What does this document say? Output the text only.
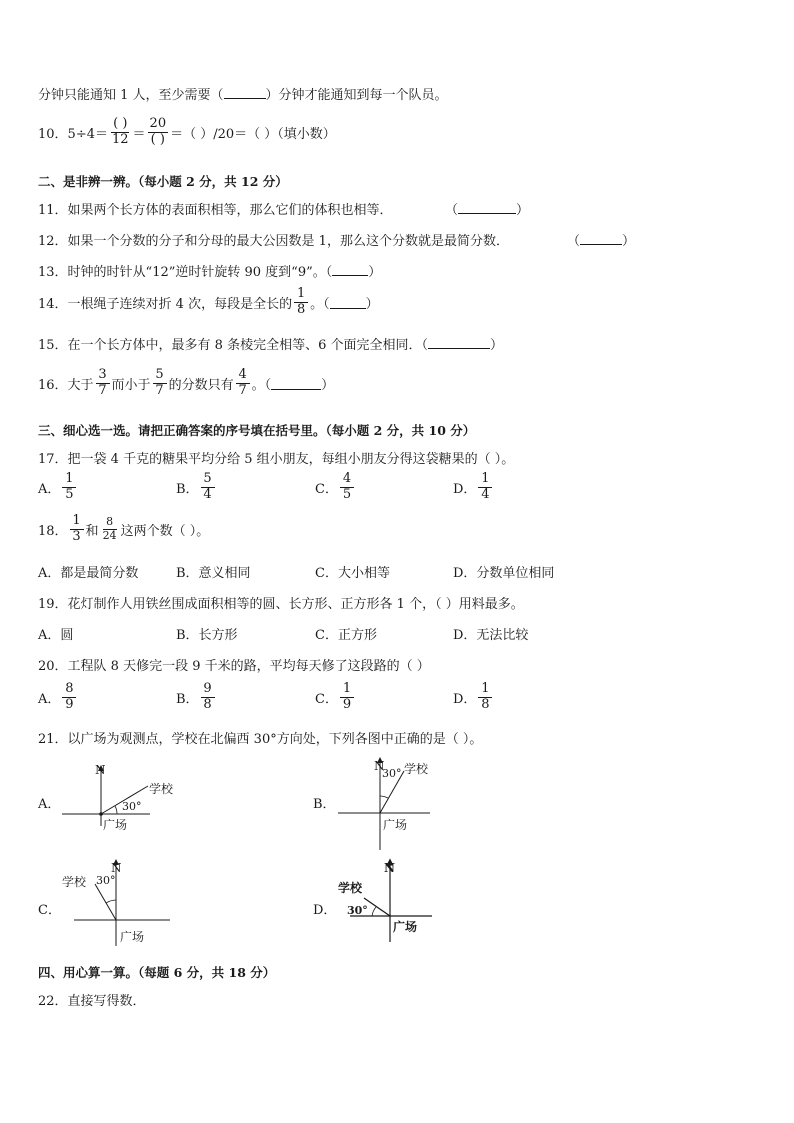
分钟只能通知 1 人，至少需要（	）分钟才能通知到每一个队员。
10．$5\div 4= \frac{( )}{12} = \frac{20}{( )}$ ＝（ ）/20＝（ ）（填小数）
二、是非辨一辨。（每小题 2 分，共 12 分）
11．如果两个长方体的表面积相等，那么它们的体积也相等．	（	）
12．如果一个分数的分子和分母的最大公因数是 1，那么这个分数就是最简分数．	（	）
13．时钟的时针从“12”逆时针旋转 90 度到“9”。（	）
14．一根绳子连续对折 4 次，每段是全长的 $\frac{1}{8}$ 。（	）
15．在一个长方体中，最多有 8 条棱完全相等、6 个面完全相同．（	）
16．大于 $\frac{3}{7}$ 而小于 $\frac{5}{7}$ 的分数只有 $\frac{4}{7}$ 。（	）
三、细心选一选。请把正确答案的序号填在括号里。（每小题 2 分，共 10 分）
17．把一袋 4 千克的糖果平均分给 5 组小朋友，每组小朋友分得这袋糖果的（ ）。
A． $\frac{1}{5}$	B． $\frac{5}{4}$	C． $\frac{4}{5}$	D． $\frac{1}{4}$
18． $\frac{1}{3}$ 和 $\frac{8}{24}$ 这两个数（ ）。
A．都是最简分数	B．意义相同	C．大小相等	D．分数单位相同
19．花灯制作人用铁丝围成面积相等的圆、长方形、正方形各 1 个，（ ）用料最多。
A．圆	B．长方形	C．正方形	D．无法比较
20．工程队 8 天修完一段 9 千米的路，平均每天修了这段路的（ ）
A． $\frac{8}{9}$	B． $\frac{9}{8}$	C． $\frac{1}{9}$	D． $\frac{1}{8}$
21．以广场为观测点，学校在北偏西 30°方向处，下列各图中正确的是（ ）。
A．
N
学校
30°
广场
B．
N
30° 学校
广场
C．
N
学校 30°
广场
D．
N
学校
30°
广场
四、用心算一算。（每题 6 分，共 18 分）
22．直接写得数．
